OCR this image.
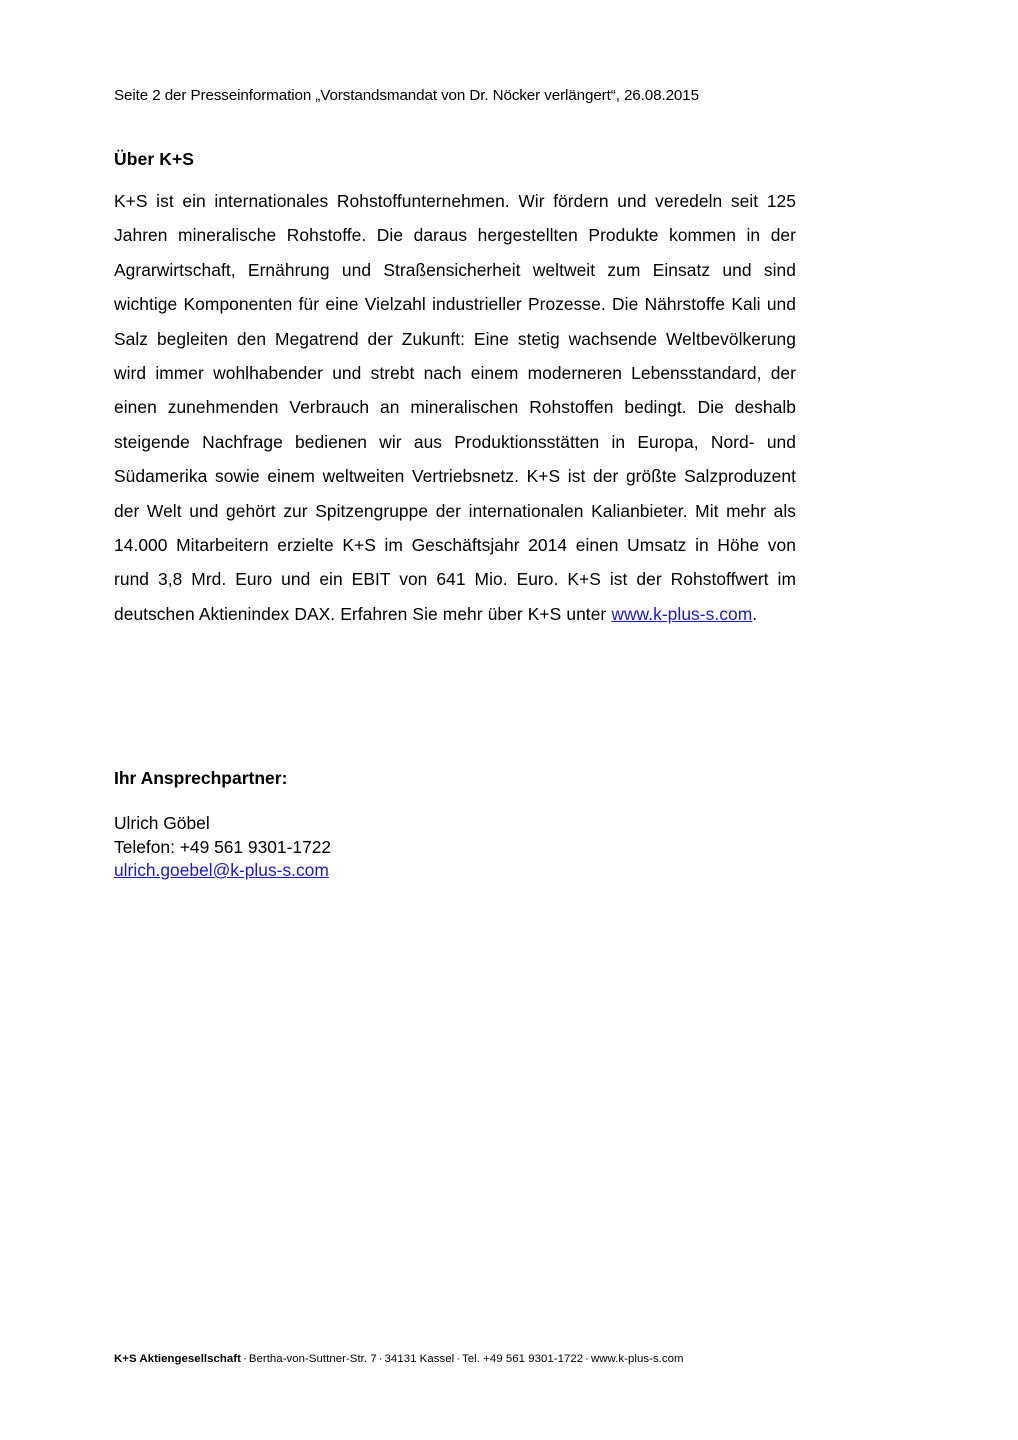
Seite 2 der Presseinformation „Vorstandsmandat von Dr. Nöcker verlängert“, 26.08.2015
Über K+S

K+S ist ein internationales Rohstoffunternehmen. Wir fördern und veredeln seit 125 Jahren mineralische Rohstoffe. Die daraus hergestellten Produkte kommen in der Agrarwirtschaft, Ernährung und Straßensicherheit weltweit zum Einsatz und sind wichtige Komponenten für eine Vielzahl industrieller Prozesse. Die Nährstoffe Kali und Salz begleiten den Megatrend der Zukunft: Eine stetig wachsende Weltbevölkerung wird immer wohlhabender und strebt nach einem moderneren Lebensstandard, der einen zunehmenden Verbrauch an mineralischen Rohstoffen bedingt. Die deshalb steigende Nachfrage bedienen wir aus Produktionsstätten in Europa, Nord- und Südamerika sowie einem weltweiten Vertriebsnetz. K+S ist der größte Salzproduzent der Welt und gehört zur Spitzengruppe der internationalen Kalianbieter. Mit mehr als 14.000 Mitarbeitern erzielte K+S im Geschäftsjahr 2014 einen Umsatz in Höhe von rund 3,8 Mrd. Euro und ein EBIT von 641 Mio. Euro. K+S ist der Rohstoffwert im deutschen Aktienindex DAX. Erfahren Sie mehr über K+S unter www.k-plus-s.com.

Ihr Ansprechpartner:
Ulrich Göbel
Telefon: +49 561 9301-1722
ulrich.goebel@k-plus-s.com
K+S Aktiengesellschaft · Bertha-von-Suttner-Str. 7 · 34131 Kassel · Tel. +49 561 9301-1722 · www.k-plus-s.com
